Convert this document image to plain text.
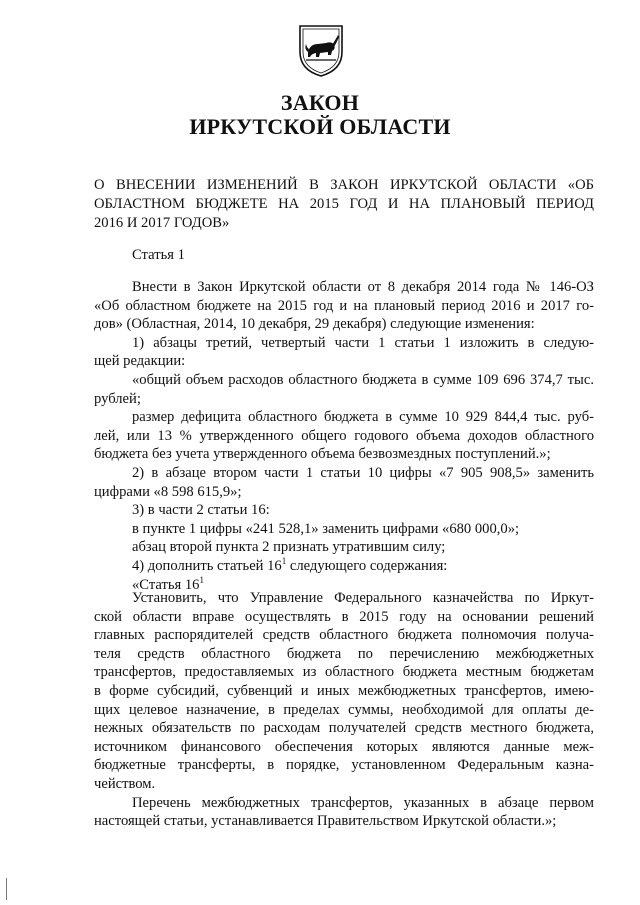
ЗАКОН
ИРКУТСКОЙ ОБЛАСТИ
О ВНЕСЕНИИ ИЗМЕНЕНИЙ В ЗАКОН ИРКУТСКОЙ ОБЛАСТИ «ОБ
ОБЛАСТНОМ БЮДЖЕТЕ НА 2015 ГОД И НА ПЛАНОВЫЙ ПЕРИОД
2016 И 2017 ГОДОВ»
Статья 1
Внести в Закон Иркутской области от 8 декабря 2014 года № 146-ОЗ
«Об областном бюджете на 2015 год и на плановый период 2016 и 2017 го-
дов» (Областная, 2014, 10 декабря, 29 декабря) следующие изменения:
1) абзацы третий, четвертый части 1 статьи 1 изложить в следую-
щей редакции:
«общий объем расходов областного бюджета в сумме 109 696 374,7 тыс.
рублей;
размер дефицита областного бюджета в сумме 10 929 844,4 тыс. руб-
лей, или 13 % утвержденного общего годового объема доходов областного
бюджета без учета утвержденного объема безвозмездных поступлений.»;
2) в абзаце втором части 1 статьи 10 цифры «7 905 908,5» заменить
цифрами «8 598 615,9»;
3) в части 2 статьи 16:
в пункте 1 цифры «241 528,1» заменить цифрами «680 000,0»;
абзац второй пункта 2 признать утратившим силу;
4) дополнить статьей $16^1$ следующего содержания:
«Статья $16^1$
Установить, что Управление Федерального казначейства по Иркут-
ской области вправе осуществлять в 2015 году на основании решений
главных распорядителей средств областного бюджета полномочия получа-
теля средств областного бюджета по перечислению межбюджетных
трансфертов, предоставляемых из областного бюджета местным бюджетам
в форме субсидий, субвенций и иных межбюджетных трансфертов, имею-
щих целевое назначение, в пределах суммы, необходимой для оплаты де-
нежных обязательств по расходам получателей средств местного бюджета,
источником финансового обеспечения которых являются данные меж-
бюджетные трансферты, в порядке, установленном Федеральным казна-
чейством.
Перечень межбюджетных трансфертов, указанных в абзаце первом
настоящей статьи, устанавливается Правительством Иркутской области.»;
